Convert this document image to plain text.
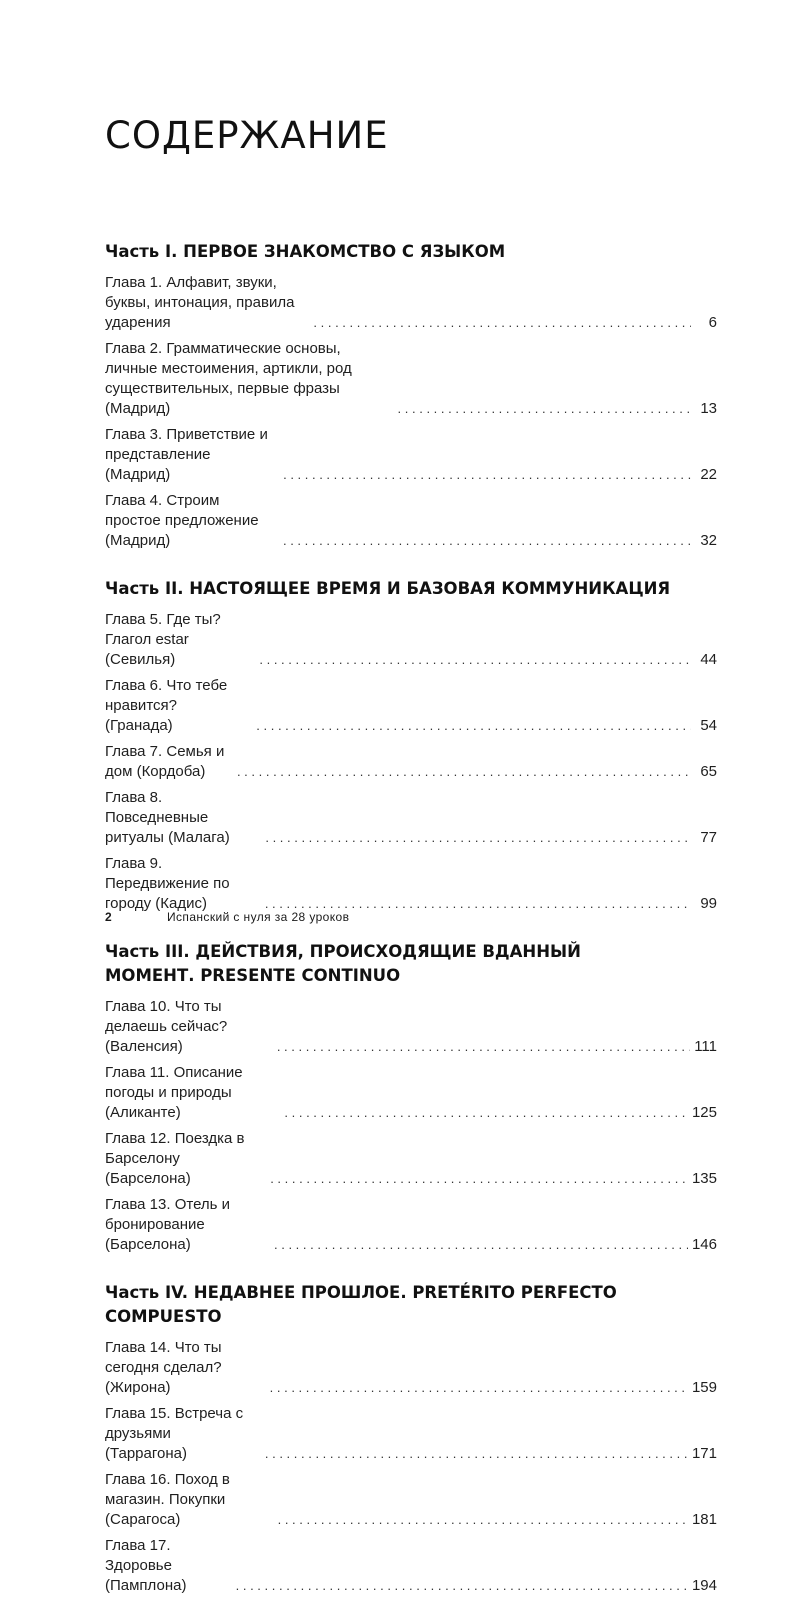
СОДЕРЖАНИЕ
Часть I. ПЕРВОЕ ЗНАКОМСТВО С ЯЗЫКОМ
Глава 1. Алфавит, звуки, буквы, интонация, правила ударения . . .	6
Глава 2. Грамматические основы, личные местоимения, артикли, род существительных, первые фразы (Мадрид) . . .	13
Глава 3. Приветствие и представление (Мадрид) . . .	22
Глава 4. Строим простое предложение (Мадрид) . . .	32
Часть II. НАСТОЯЩЕЕ ВРЕМЯ И БАЗОВАЯ КОММУНИКАЦИЯ
Глава 5. Где ты? Глагол estar (Севилья) . . .	44
Глава 6. Что тебе нравится? (Гранада) . . .	54
Глава 7. Семья и дом (Кордоба) . . .	65
Глава 8. Повседневные ритуалы (Малага) . . .	77
Глава 9. Передвижение по городу (Кадис) . . .	99
Часть III. ДЕЙСТВИЯ, ПРОИСХОДЯЩИЕ ВДАННЫЙ МОМЕНТ. PRESENTE CONTINUO
Глава 10. Что ты делаешь сейчас? (Валенсия) . . .	111
Глава 11. Описание погоды и природы (Аликанте) . . .	125
Глава 12. Поездка в Барселону (Барселона) . . .	135
Глава 13. Отель и бронирование (Барселона) . . .	146
Часть IV. НЕДАВНЕЕ ПРОШЛОЕ. PRETÉRITO PERFECTO COMPUESTO
Глава 14. Что ты сегодня сделал? (Жирона) . . .	159
Глава 15. Встреча с друзьями (Таррагона) . . .	171
Глава 16. Поход в магазин. Покупки (Сарагоса) . . .	181
Глава 17. Здоровье (Памплона) . . .	194
2	Испанский с нуля за 28 уроков
